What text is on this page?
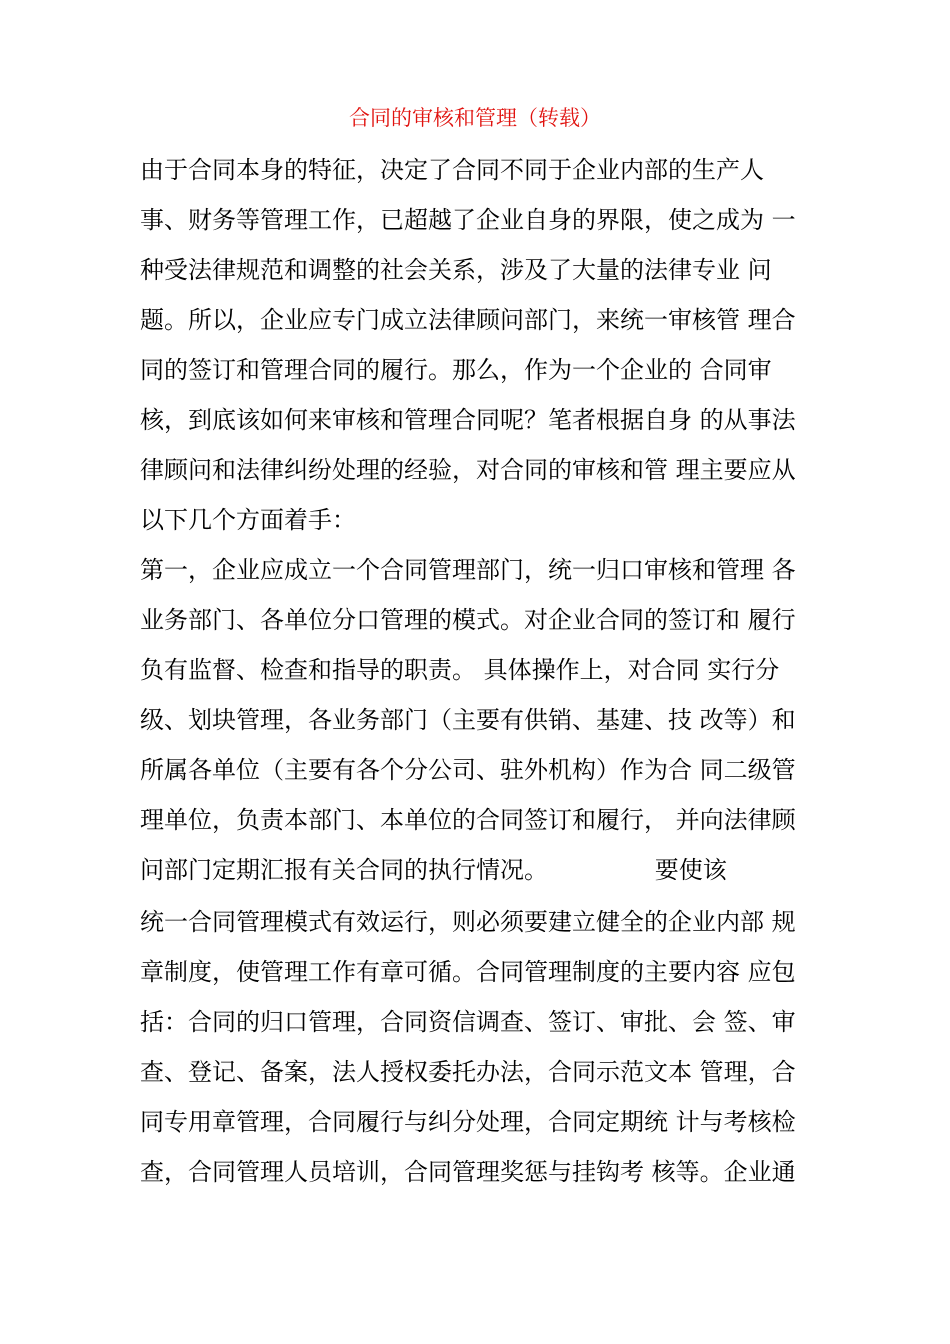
合同的审核和管理（转载）
由于合同本身的特征，决定了合同不同于企业内部的生产人
事、财务等管理工作，已超越了企业自身的界限，使之成为 一
种受法律规范和调整的社会关系，涉及了大量的法律专业 问
题。所以，企业应专门成立法律顾问部门，来统一审核管 理合
同的签订和管理合同的履行。那么，作为一个企业的 合同审
核，到底该如何来审核和管理合同呢？笔者根据自身 的从事法
律顾问和法律纠纷处理的经验，对合同的审核和管 理主要应从
以下几个方面着手：
第一，企业应成立一个合同管理部门，统一归口审核和管理 各
业务部门、各单位分口管理的模式。对企业合同的签订和 履行
负有监督、检查和指导的职责。 具体操作上，对合同 实行分
级、划块管理，各业务部门（主要有供销、基建、技 改等）和
所属各单位（主要有各个分公司、驻外机构）作为合 同二级管
理单位，负责本部门、本单位的合同签订和履行， 并向法律顾
问部门定期汇报有关合同的执行情况。              要使该
统一合同管理模式有效运行，则必须要建立健全的企业内部 规
章制度，使管理工作有章可循。合同管理制度的主要内容 应包
括：合同的归口管理，合同资信调查、签订、审批、会 签、审
查、登记、备案，法人授权委托办法，合同示范文本 管理，合
同专用章管理，合同履行与纠分处理，合同定期统 计与考核检
查，合同管理人员培训，合同管理奖惩与挂钩考 核等。企业通
